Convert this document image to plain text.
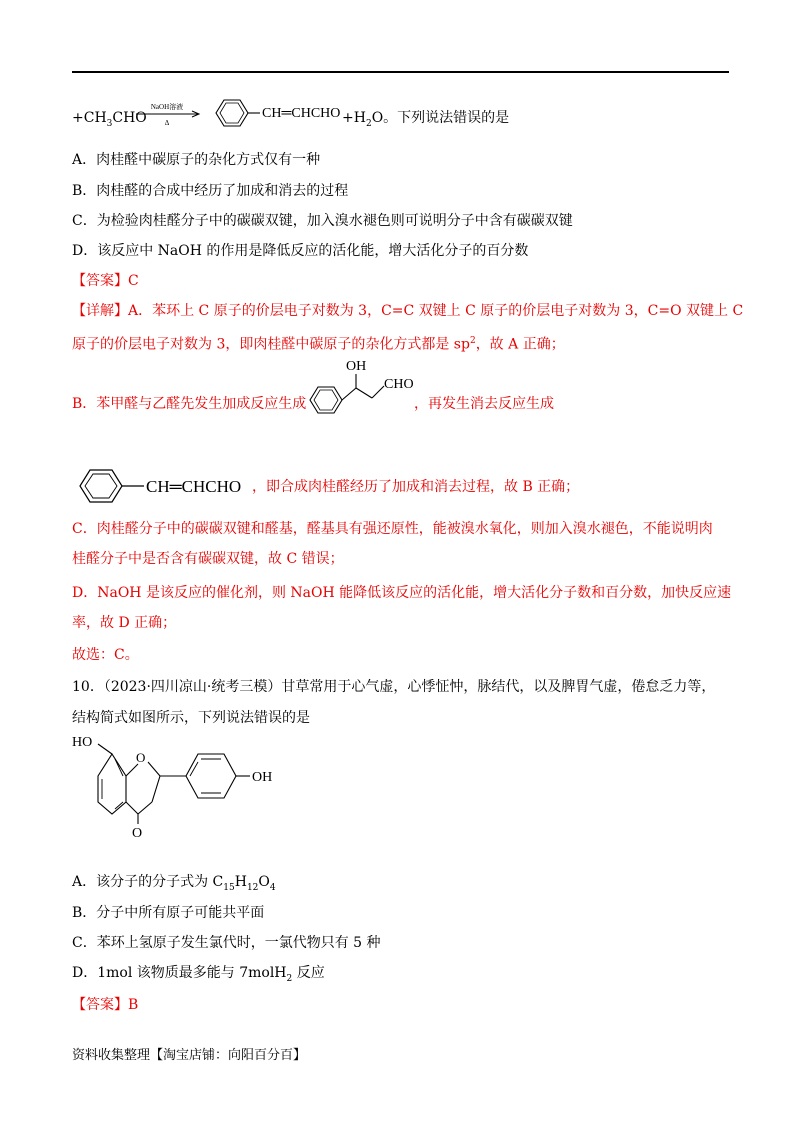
$+CH_3CHO$
NaOH溶液
Δ
CH═CHCHO $+H_2O$。下列说法错误的是
A．肉桂醛中碳原子的杂化方式仅有一种
B．肉桂醛的合成中经历了加成和消去的过程
C．为检验肉桂醛分子中的碳碳双键，加入溴水褪色则可说明分子中含有碳碳双键
D．该反应中 NaOH 的作用是降低反应的活化能，增大活化分子的百分数
【答案】C
【详解】A．苯环上 C 原子的价层电子对数为 3，C=C 双键上 C 原子的价层电子对数为 3，C=O 双键上 C
原子的价层电子对数为 3，即肉桂醛中碳原子的杂化方式都是 $sp^2$，故 A 正确；
B．苯甲醛与乙醛先发生加成反应生成
OH
CHO
，再发生消去反应生成
CH═CHCHO ，即合成肉桂醛经历了加成和消去过程，故 B 正确；
C．肉桂醛分子中的碳碳双键和醛基，醛基具有强还原性，能被溴水氧化，则加入溴水褪色，不能说明肉
桂醛分子中是否含有碳碳双键，故 C 错误；
D．NaOH 是该反应的催化剂，则 NaOH 能降低该反应的活化能，增大活化分子数和百分数，加快反应速
率，故 D 正确；
故选：C。
10．（2023·四川凉山·统考三模）甘草常用于心气虚，心悸怔忡，脉结代，以及脾胃气虚，倦怠乏力等，
结构简式如图所示，下列说法错误的是
HO
O
O
OH
A．该分子的分子式为 $C_{15}H_{12}O_4$
B．分子中所有原子可能共平面
C．苯环上氢原子发生氯代时，一氯代物只有 5 种
D．1mol 该物质最多能与 7molH$_2$ 反应
【答案】B
资料收集整理【淘宝店铺：向阳百分百】
